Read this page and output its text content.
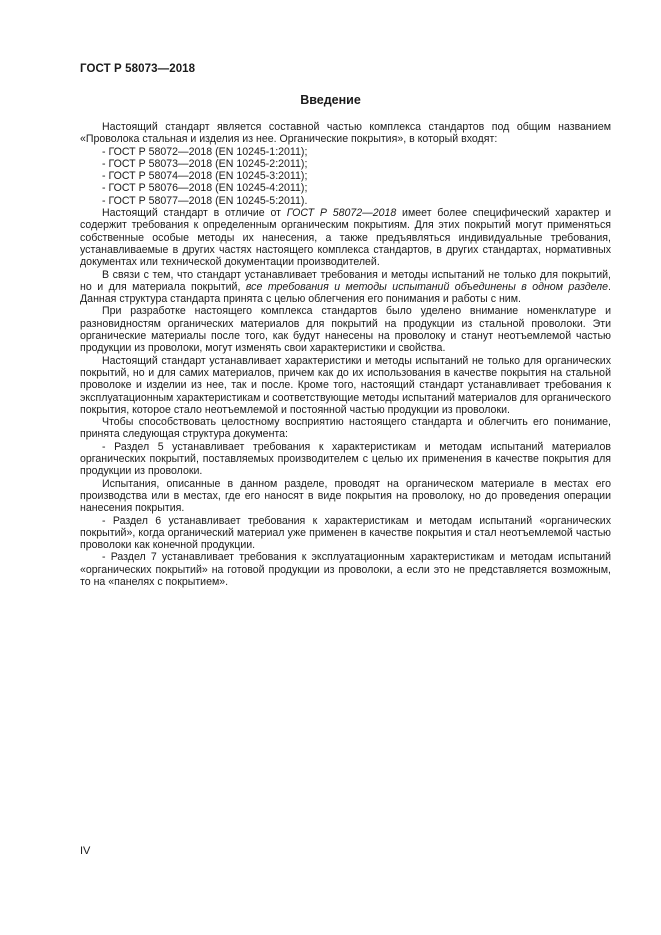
ГОСТ Р 58073—2018
Введение

Настоящий стандарт является составной частью комплекса стандартов под общим названием «Проволока стальная и изделия из нее. Органические покрытия», в который входят:

- ГОСТ Р 58072—2018 (EN 10245-1:2011);
- ГОСТ Р 58073—2018 (EN 10245-2:2011);
- ГОСТ Р 58074—2018 (EN 10245-3:2011);
- ГОСТ Р 58076—2018 (EN 10245-4:2011);
- ГОСТ Р 58077—2018 (EN 10245-5:2011).

Настоящий стандарт в отличие от ГОСТ Р 58072—2018 имеет более специфический характер и содержит требования к определенным органическим покрытиям. Для этих покрытий могут применяться собственные особые методы их нанесения, а также предъявляться индивидуальные требования, устанавливаемые в других частях настоящего комплекса стандартов, в других стандартах, нормативных документах или технической документации производителей.

В связи с тем, что стандарт устанавливает требования и методы испытаний не только для покрытий, но и для материала покрытий, все требования и методы испытаний объединены в одном разделе. Данная структура стандарта принята с целью облегчения его понимания и работы с ним.

При разработке настоящего комплекса стандартов было уделено внимание номенклатуре и разновидностям органических материалов для покрытий на продукции из стальной проволоки. Эти органические материалы после того, как будут нанесены на проволоку и станут неотъемлемой частью продукции из проволоки, могут изменять свои характеристики и свойства.

Настоящий стандарт устанавливает характеристики и методы испытаний не только для органических покрытий, но и для самих материалов, причем как до их использования в качестве покрытия на стальной проволоке и изделии из нее, так и после. Кроме того, настоящий стандарт устанавливает требования к эксплуатационным характеристикам и соответствующие методы испытаний материалов для органического покрытия, которое стало неотъемлемой и постоянной частью продукции из проволоки.

Чтобы способствовать целостному восприятию настоящего стандарта и облегчить его понимание, принята следующая структура документа:

- Раздел 5 устанавливает требования к характеристикам и методам испытаний материалов органических покрытий, поставляемых производителем с целью их применения в качестве покрытия для продукции из проволоки.

Испытания, описанные в данном разделе, проводят на органическом материале в местах его производства или в местах, где его наносят в виде покрытия на проволоку, но до проведения операции нанесения покрытия.

- Раздел 6 устанавливает требования к характеристикам и методам испытаний «органических покрытий», когда органический материал уже применен в качестве покрытия и стал неотъемлемой частью проволоки как конечной продукции.

- Раздел 7 устанавливает требования к эксплуатационным характеристикам и методам испытаний «органических покрытий» на готовой продукции из проволоки, а если это не представляется возможным, то на «панелях с покрытием».

IV
